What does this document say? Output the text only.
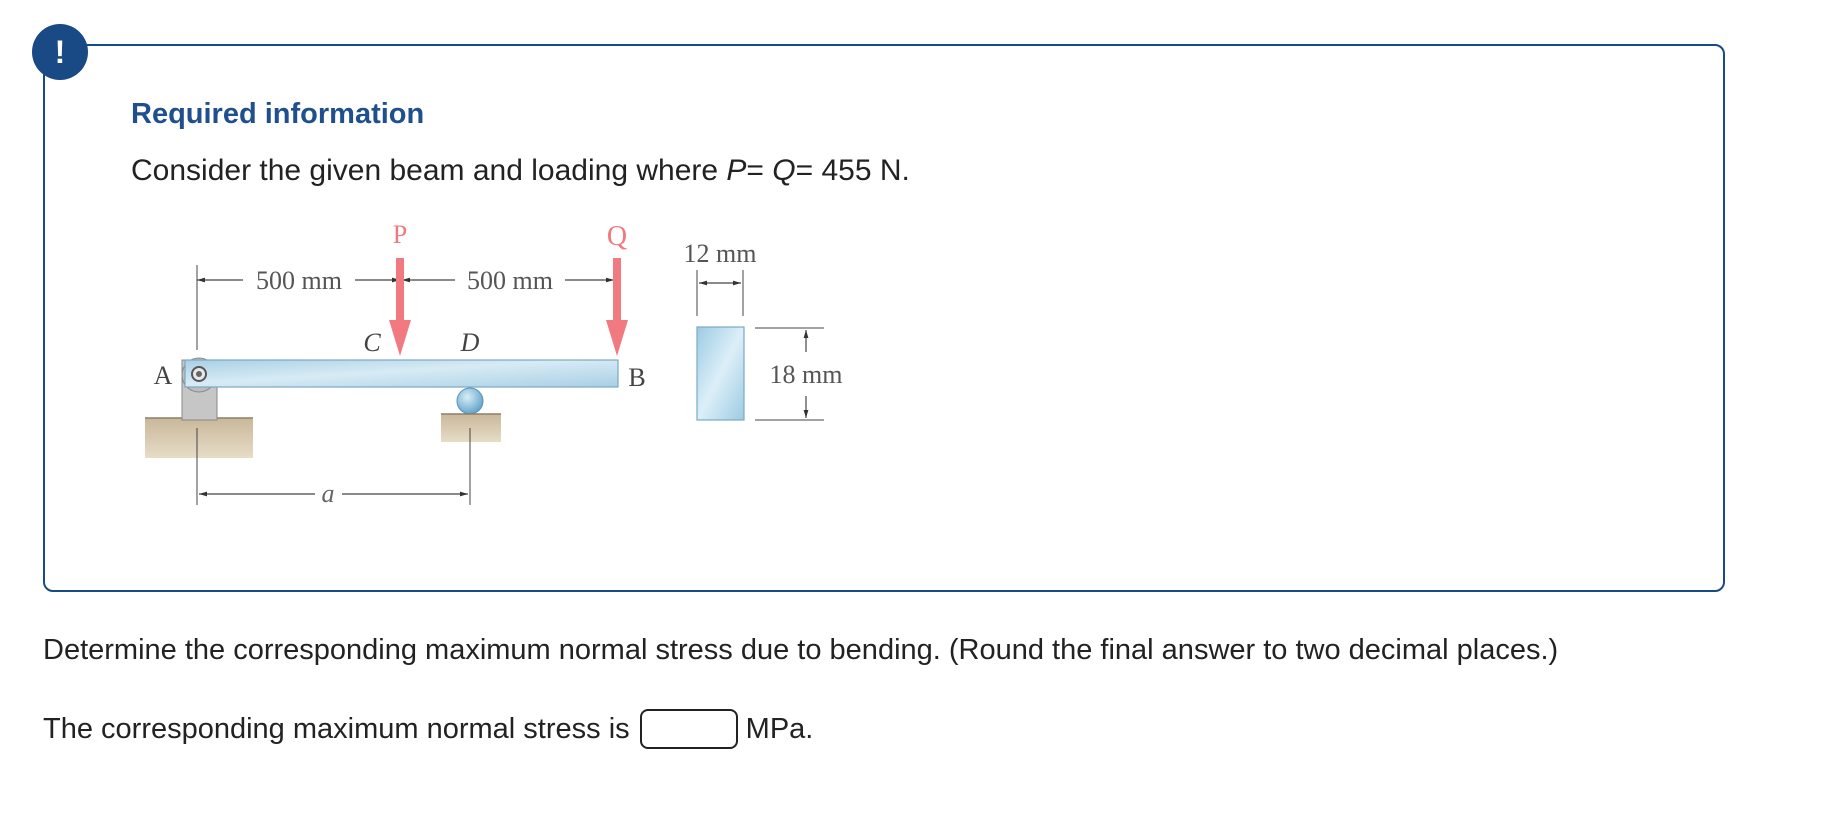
!
Required information
Consider the given beam and loading where P= Q= 455 N.
500 mm	500 mm
P	Q
A	B
C	D
a
12 mm
18 mm
Determine the corresponding maximum normal stress due to bending. (Round the final answer to two decimal places.)
The corresponding maximum normal stress is	MPa.
